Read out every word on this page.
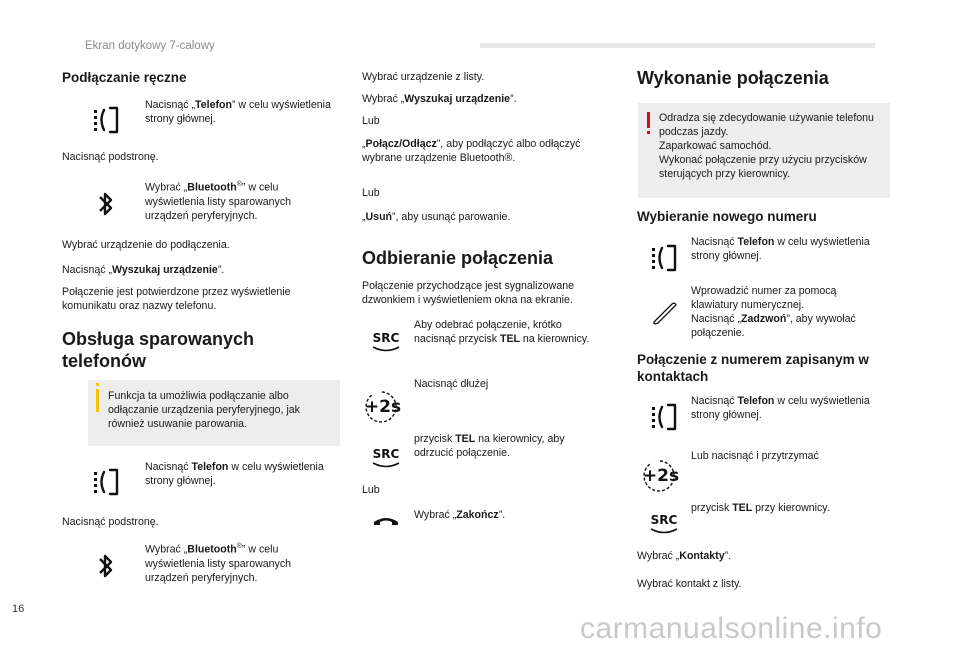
Ekran dotykowy 7-calowy
Podłączanie ręczne
Nacisnąć „Telefon” w celu wyświetlenia strony głównej.
Nacisnąć podstronę.
Wybrać „Bluetooth®” w celu wyświetlenia listy sparowanych urządzeń peryferyjnych.
Wybrać urządzenie do podłączenia.
Nacisnąć „Wyszukaj urządzenie”.
Połączenie jest potwierdzone przez wyświetlenie komunikatu oraz nazwy telefonu.
Obsługa sparowanych telefonów
Funkcja ta umożliwia podłączanie albo odłączanie urządzenia peryferyjnego, jak również usuwanie parowania.
Nacisnąć Telefon w celu wyświetlenia strony głównej.
Nacisnąć podstronę.
Wybrać „Bluetooth®” w celu wyświetlenia listy sparowanych urządzeń peryferyjnych.
Wybrać urządzenie z listy.
Wybrać „Wyszukaj urządzenie”.
Lub
„Połącz/Odłącz”, aby podłączyć albo odłączyć wybrane urządzenie Bluetooth®.
Lub
„Usuń”, aby usunąć parowanie.
Odbieranie połączenia
Połączenie przychodzące jest sygnalizowane dzwonkiem i wyświetleniem okna na ekranie.
SRC
Aby odebrać połączenie, krótko nacisnąć przycisk TEL na kierownicy.
+2s
Nacisnąć dłużej
SRC
przycisk TEL na kierownicy, aby odrzucić połączenie.
Lub
Wybrać „Zakończ”.
Wykonanie połączenia
Odradza się zdecydowanie używanie telefonu podczas jazdy.
Zaparkować samochód.
Wykonać połączenie przy użyciu przycisków sterujących przy kierownicy.
Wybieranie nowego numeru
Nacisnąć Telefon w celu wyświetlenia strony głównej.
Wprowadzić numer za pomocą klawiatury numerycznej.
Nacisnąć „Zadzwoń”, aby wywołać połączenie.
Połączenie z numerem zapisanym w kontaktach
Nacisnąć Telefon w celu wyświetlenia strony głównej.
+2s
Lub nacisnąć i przytrzymać
SRC
przycisk TEL przy kierownicy.
Wybrać „Kontakty”.
Wybrać kontakt z listy.
16
carmanualsonline.info
